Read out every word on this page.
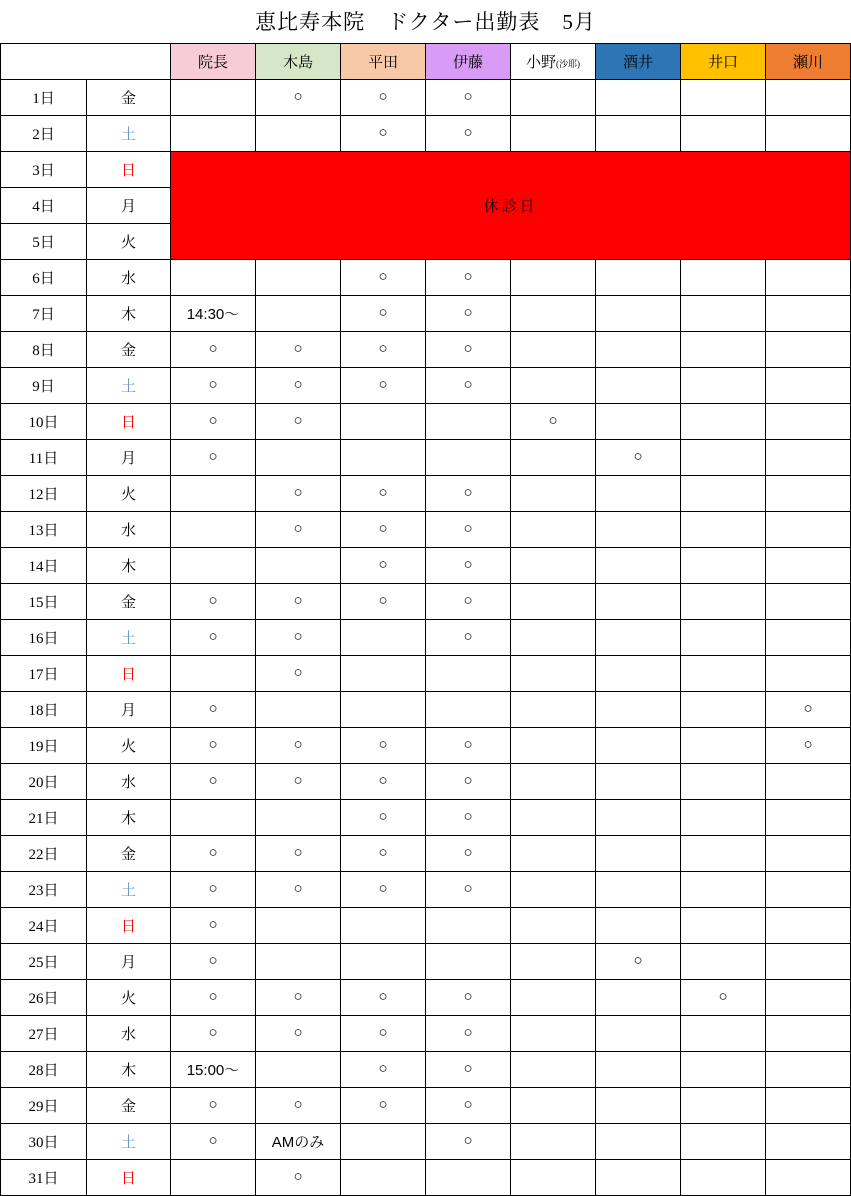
恵比寿本院　ドクター出勤表　5月
		院長	木島	平田	伊藤	小野(沙耶)	酒井	井口	瀬川
1日	金		○	○	○				
2日	土			○	○				
3日	日	休診日							
4日	月								
5日	火								
6日	水			○	○				
7日	木	14:30〜		○	○				
8日	金	○	○	○	○				
9日	土	○	○	○	○				
10日	日	○	○			○			
11日	月	○					○		
12日	火		○	○	○				
13日	水		○	○	○				
14日	木			○	○				
15日	金	○	○	○	○				
16日	土	○	○		○				
17日	日		○						
18日	月	○							○
19日	火	○	○	○	○				○
20日	水	○	○	○	○				
21日	木			○	○				
22日	金	○	○	○	○				
23日	土	○	○	○	○				
24日	日	○							
25日	月	○					○		
26日	火	○	○	○	○			○	
27日	水	○	○	○	○				
28日	木	15:00〜		○	○				
29日	金	○	○	○	○				
30日	土	○	AMのみ		○				
31日	日		○						
